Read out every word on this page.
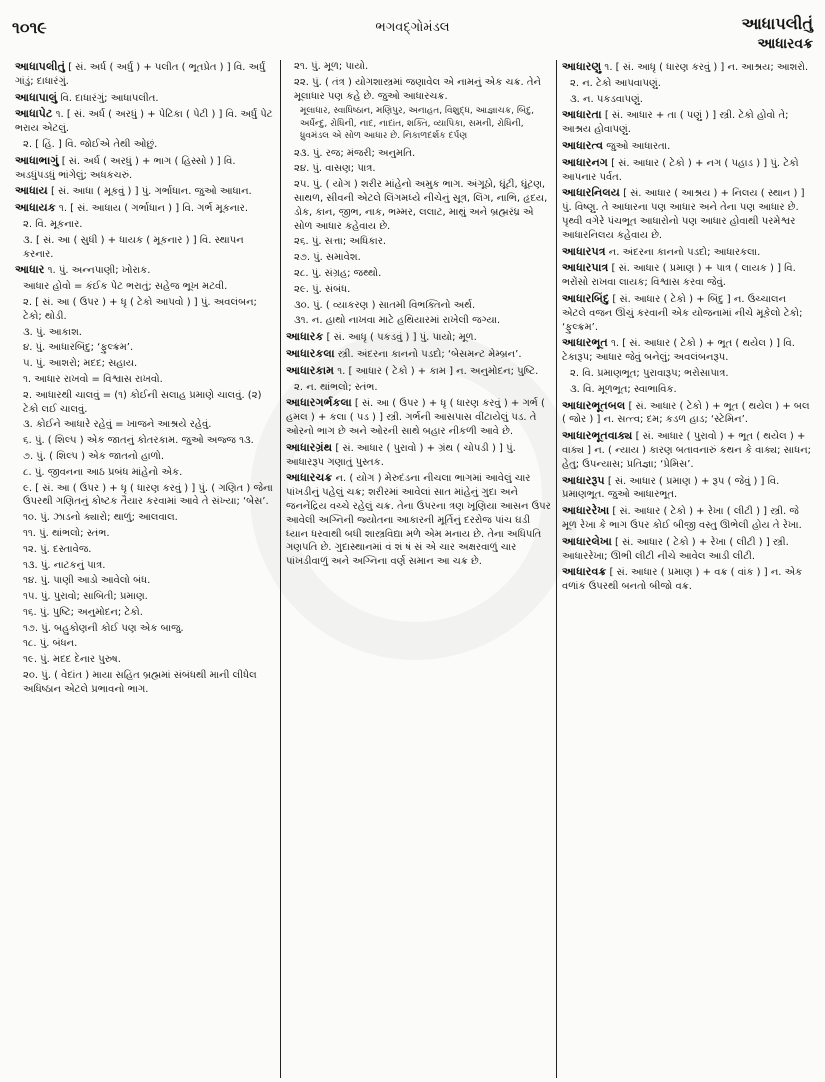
૧૦૧૯	ભગવદ્ગોમંડલ	આધાપલીતું
આધારવક્ર
આધાપલીતું [ સં. અર્ધ ( અર્ધું ) + પલીત ( ભૂતપ્રેત ) ] વિ. અર્ધું ગાંડું; દાધારંગું.
આધાપાલું વિ. દાધારંગું; આધાપલીત.
આધાપેટ ૧. [ સં. અર્ધ ( અરધું ) + પેટિકા ( પેટી ) ] વિ. અર્ધું પેટ ભરાય એટલું.
૨. [ હિં. ] વિ. જોઈએ તેથી ઓછું.
આધાભાગું [ સં. અર્ધ ( અરધું ) + ભાગ ( હિસ્સો ) ] વિ. અડધુંપડધું ભાંગેલું; અધકચરું.
આધાય [ સં. આધા ( મૂકવું ) ] પું. ગર્ભાધાન. જુઓ આધાન.
આધાયક ૧. [ સં. આધાય ( ગર્ભાધાન ) ] વિ. ગર્ભ મૂકનાર.
૨. વિ. મૂકનાર.
૩. [ સં. આ ( સુધી ) + ધાયક ( મૂકનાર ) ] વિ. સ્થાપન કરનાર.
આધાર ૧. પું. અન્નપાણી; ખોરાક.
આધાર હોવો = કંઈક પેટ ભરાતું; સહેજ ભૂખ મટવી.
૨. [ સં. આ ( ઉપર ) + ધૃ ( ટેકો આપવો ) ] પું. અવલંબન; ટેકો; થોડી.
૩. પું. આકાશ.
૪. પું. આધારબિંદુ; ‘ફુલ્ક્રમ’.
૫. પું. આશરો; મદદ; સહાય.
૧. આધાર રાખવો = વિશ્વાસ રાખવો.
૨. આધારથી ચાલવું = (૧) કોઈની સલાહ પ્રમાણે ચાલવું. (૨) ટેકો લઈ ચાલવું.
૩. કોઈને આધારે રહેવું = ખાજને આશ્રયે રહેવું.
૬. પું. ( શિલ્પ ) એક જાતનું કોતરકામ. જુઓ અજ્જ ૧૩.
૭. પું. ( શિલ્પ ) એક જાતનો હાળો.
૮. પું. જીવનના આઠ પ્રબંધ માંહેનો એક.
૯. [ સં. આ ( ઉપર ) + ધૃ ( ધારણ કરવું ) ] પું. ( ગણિત ) જેના ઉપરથી ગણિતનું કોષ્ટક તૈયાર કરવામાં આવે તે સંખ્યા; ‘બેસ’.
૧૦. પું. ઝાડનો ક્યારો; થાળું; આલવાલ.
૧૧. પું. થાંભલો; સ્તંભ.
૧૨. પું. દસ્તાવેજ.
૧૩. પું. નાટકનું પાત્ર.
૧૪. પું. પાણી આડો આવેલો બંધ.
૧૫. પું. પુરાવો; સાબિતી; પ્રમાણ.
૧૬. પું. પુષ્ટિ; અનુમોદન; ટેકો.
૧૭. પું. બહુકોણની કોઈ પણ એક બાજુ.
૧૮. પું. બંધન.
૧૯. પું. મદદ દેનાર પુરુષ.
૨૦. પું. ( વેદાંત ) માયા સહિત બ્રહ્મમાં સંબંધથી માની લીધેલ અધિષ્ઠાન એટલે પ્રભાવનો ભાગ.
૨૧. પું. મૂળ; પાયો.
૨૨. પું. ( તંત્ર ) યોગશાસ્ત્રમાં જણાવેલ એ નામનું એક ચક્ર. તેને મૂલાધાર પણ કહે છે. જુઓ આધારચક્ર.
મૂલાધાર, સ્વાધિષ્ઠાન, મણિપુર, અનાહત, વિશુદ્ધ, આજ્ઞાચક્ર, બિંદુ, અર્ધેન્દુ, રોધિની, નાદ, નાદાંત, શક્તિ, વ્યાપિકા, સમની, રોધિની, ધ્રુવમંડલ એ સોળ આધાર છે. નિકાળદર્શક દર્પણ
૨૩. પું. રજ; મંજરી; અનુમતિ.
૨૪. પું. વાસણ; પાત્ર.
૨૫. પું. ( યોગ ) શરીર માંહેનો અમુક ભાગ. અંગૂઠો, ઘૂંટી, ઘૂંટણ, સાથળ, સીવની એટલે લિંગમધ્યે નીચેનું સૂત્ર, લિંગ, નાભિ, હૃદય, ડોક, કાન, જીભ, નાક, ભમ્મર, લલાટ, માથું અને બ્રહ્મરંધ્ર એ સોળ આધાર કહેવાય છે.
૨૬. પું. સત્તા; અધિકાર.
૨૭. પું. સમાવેશ.
૨૮. પું. સંગ્રહ; જથ્થો.
૨૯. પું. સંબંધ.
૩૦. પું. ( વ્યાકરણ ) સાતમી વિભક્તિનો અર્થ.
૩૧. ન. હાથો નાખવા માટે હથિયારમાં રાખેલી જગ્યા.
આધારક [ સં. આધૃ ( પકડવું ) ] પું. પાયો; મૂળ.
આધારકલા સ્ત્રી. અંદરના કાનનો પડદો; ‘બેસમન્ટ મેમ્બ્રન’.
આધારકામ ૧. [ આધાર ( ટેકો ) + કામ ] ન. અનુમોદન; પુષ્ટિ.
૨. ન. થાંભલો; સ્તંભ.
આધારગર્ભકલા [ સં. આ ( ઉપર ) + ધૃ ( ધારણ કરવું ) + ગર્ભ ( હમલ ) + કલા ( પડ ) ] સ્ત્રી. ગર્ભની આસપાસ વીંટાયેલું પડ. તે ઓરનો ભાગ છે અને ઓરની સાથે બહાર નીકળી આવે છે.
આધારગ્રંથ [ સં. આધાર ( પુરાવો ) + ગ્રંથ ( ચોપડી ) ] પું. આધારરૂપ ગણાતું પુસ્તક.
આધારચક્ર ન. ( યોગ ) મેરુદંડના નીચલા ભાગમાં આવેલું ચાર પાંખડીનું પહેલું ચક્ર; શરીરમાં આવેલાં સાત માંહેનું ગુદા અને જનનેંદ્રિય વચ્ચે રહેલું ચક્ર. તેના ઉપરના ત્રણ ખૂણિયા આસન ઉપર આવેલી અગ્નિની જ્યોતના આકારની મૂર્તિનું દરરોજ પાંચ ઘડી ધ્યાન ધરવાથી બધી શાસ્ત્રવિદ્યા મળે એમ મનાય છે. તેના અધિપતિ ગણપતિ છે. ગુદાસ્થાનમાં વં શં ષં સં એ ચાર અક્ષરવાળું ચાર પાંખડીવાળું અને અગ્નિના વર્ણ સમાન આ ચક્ર છે.
આધારણુ ૧. [ સં. આધૃ ( ધારણ કરવું ) ] ન. આશ્રય; આશરો.
૨. ન. ટેકો આપવાપણું.
૩. ન. પકડવાપણું.
આધારતા [ સં. આધાર + તા ( પણું ) ] સ્ત્રી. ટેકો હોવો તે; આશ્રય હોવાપણું.
આધારત્વ જુઓ આધારતા.
આધારનગ [ સં. આધાર ( ટેકો ) + નગ ( પહાડ ) ] પું. ટેકો આપનાર પર્વત.
આધારનિલય [ સં. આધાર ( આશ્રય ) + નિલય ( સ્થાન ) ] પું. વિષ્ણુ. તે આધારના પણ આધાર અને તેના પણ આધાર છે. પૃથ્વી વગેરે પંચભૂત આધારોનો પણ આધાર હોવાથી પરમેશ્વર આધારનિલય કહેવાય છે.
આધારપત્ર ન. અંદરના કાનનો પડદો; આધારકલા.
આધારપાત્ર [ સં. આધાર ( પ્રમાણ ) + પાત્ર ( લાયક ) ] વિ. ભરોંસો રાખવા લાયક; વિશ્વાસ કરવા જેવું.
આધારબિંદુ [ સં. આધાર ( ટેકો ) + બિંદુ ] ન. ઉચ્ચાલન એટલે વજન ઊંચું કરવાની એક યોજનામાં નીચે મૂકેલો ટેકો; ‘ફુલ્ક્રમ’.
આધારભૂત ૧. [ સં. આધાર ( ટેકો ) + ભૂત ( થયેલ ) ] વિ. ટેકારૂપ; આધાર જેવું બનેલું; અવલંબનરૂપ.
૨. વિ. પ્રમાણભૂત; પુરાવારૂપ; ભરોસાપાત્ર.
૩. વિ. મૂળભૂત; સ્વાભાવિક.
આધારભૂતબલ [ સં. આધાર ( ટેકો ) + ભૂત ( થયેલ ) + બલ ( જોર ) ] ન. સત્ત્વ; દમ; કડળ હાડ; ‘સ્ટેમિન’.
આધારભૂતવાક્ય [ સં. આધાર ( પુરાવો ) + ભૂત ( થયેલ ) + વાક્ય ] ન. ( ન્યાય ) કારણ બતાવનારું કથન કે વાક્ય; સાધન; હેતુ; ઉપન્યાસ; પ્રતિજ્ઞા; ‘પ્રેમિસ’.
આધારરૂપ [ સં. આધાર ( પ્રમાણ ) + રૂપ ( જેવું ) ] વિ. પ્રમાણભૂત. જુઓ આધારભૂત.
આધારરેખા [ સં. આધાર ( ટેકો ) + રેખા ( લીટી ) ] સ્ત્રી. જે મૂળ રેખા કે ભાગ ઉપર કોઈ બીજી વસ્તુ ઊભેલી હોય તે રેખા.
આધારલેખા [ સં. આધાર ( ટેકો ) + રેખા ( લીટી ) ] સ્ત્રી. આધારરેખા; ઊભી લીટી નીચે આવેલ આડી લીટી.
આધારવક્ર [ સં. આધાર ( પ્રમાણ ) + વક્ર ( વાંક ) ] ન. એક વળાંક ઉપરથી બનતો બીજો વક્ર.
